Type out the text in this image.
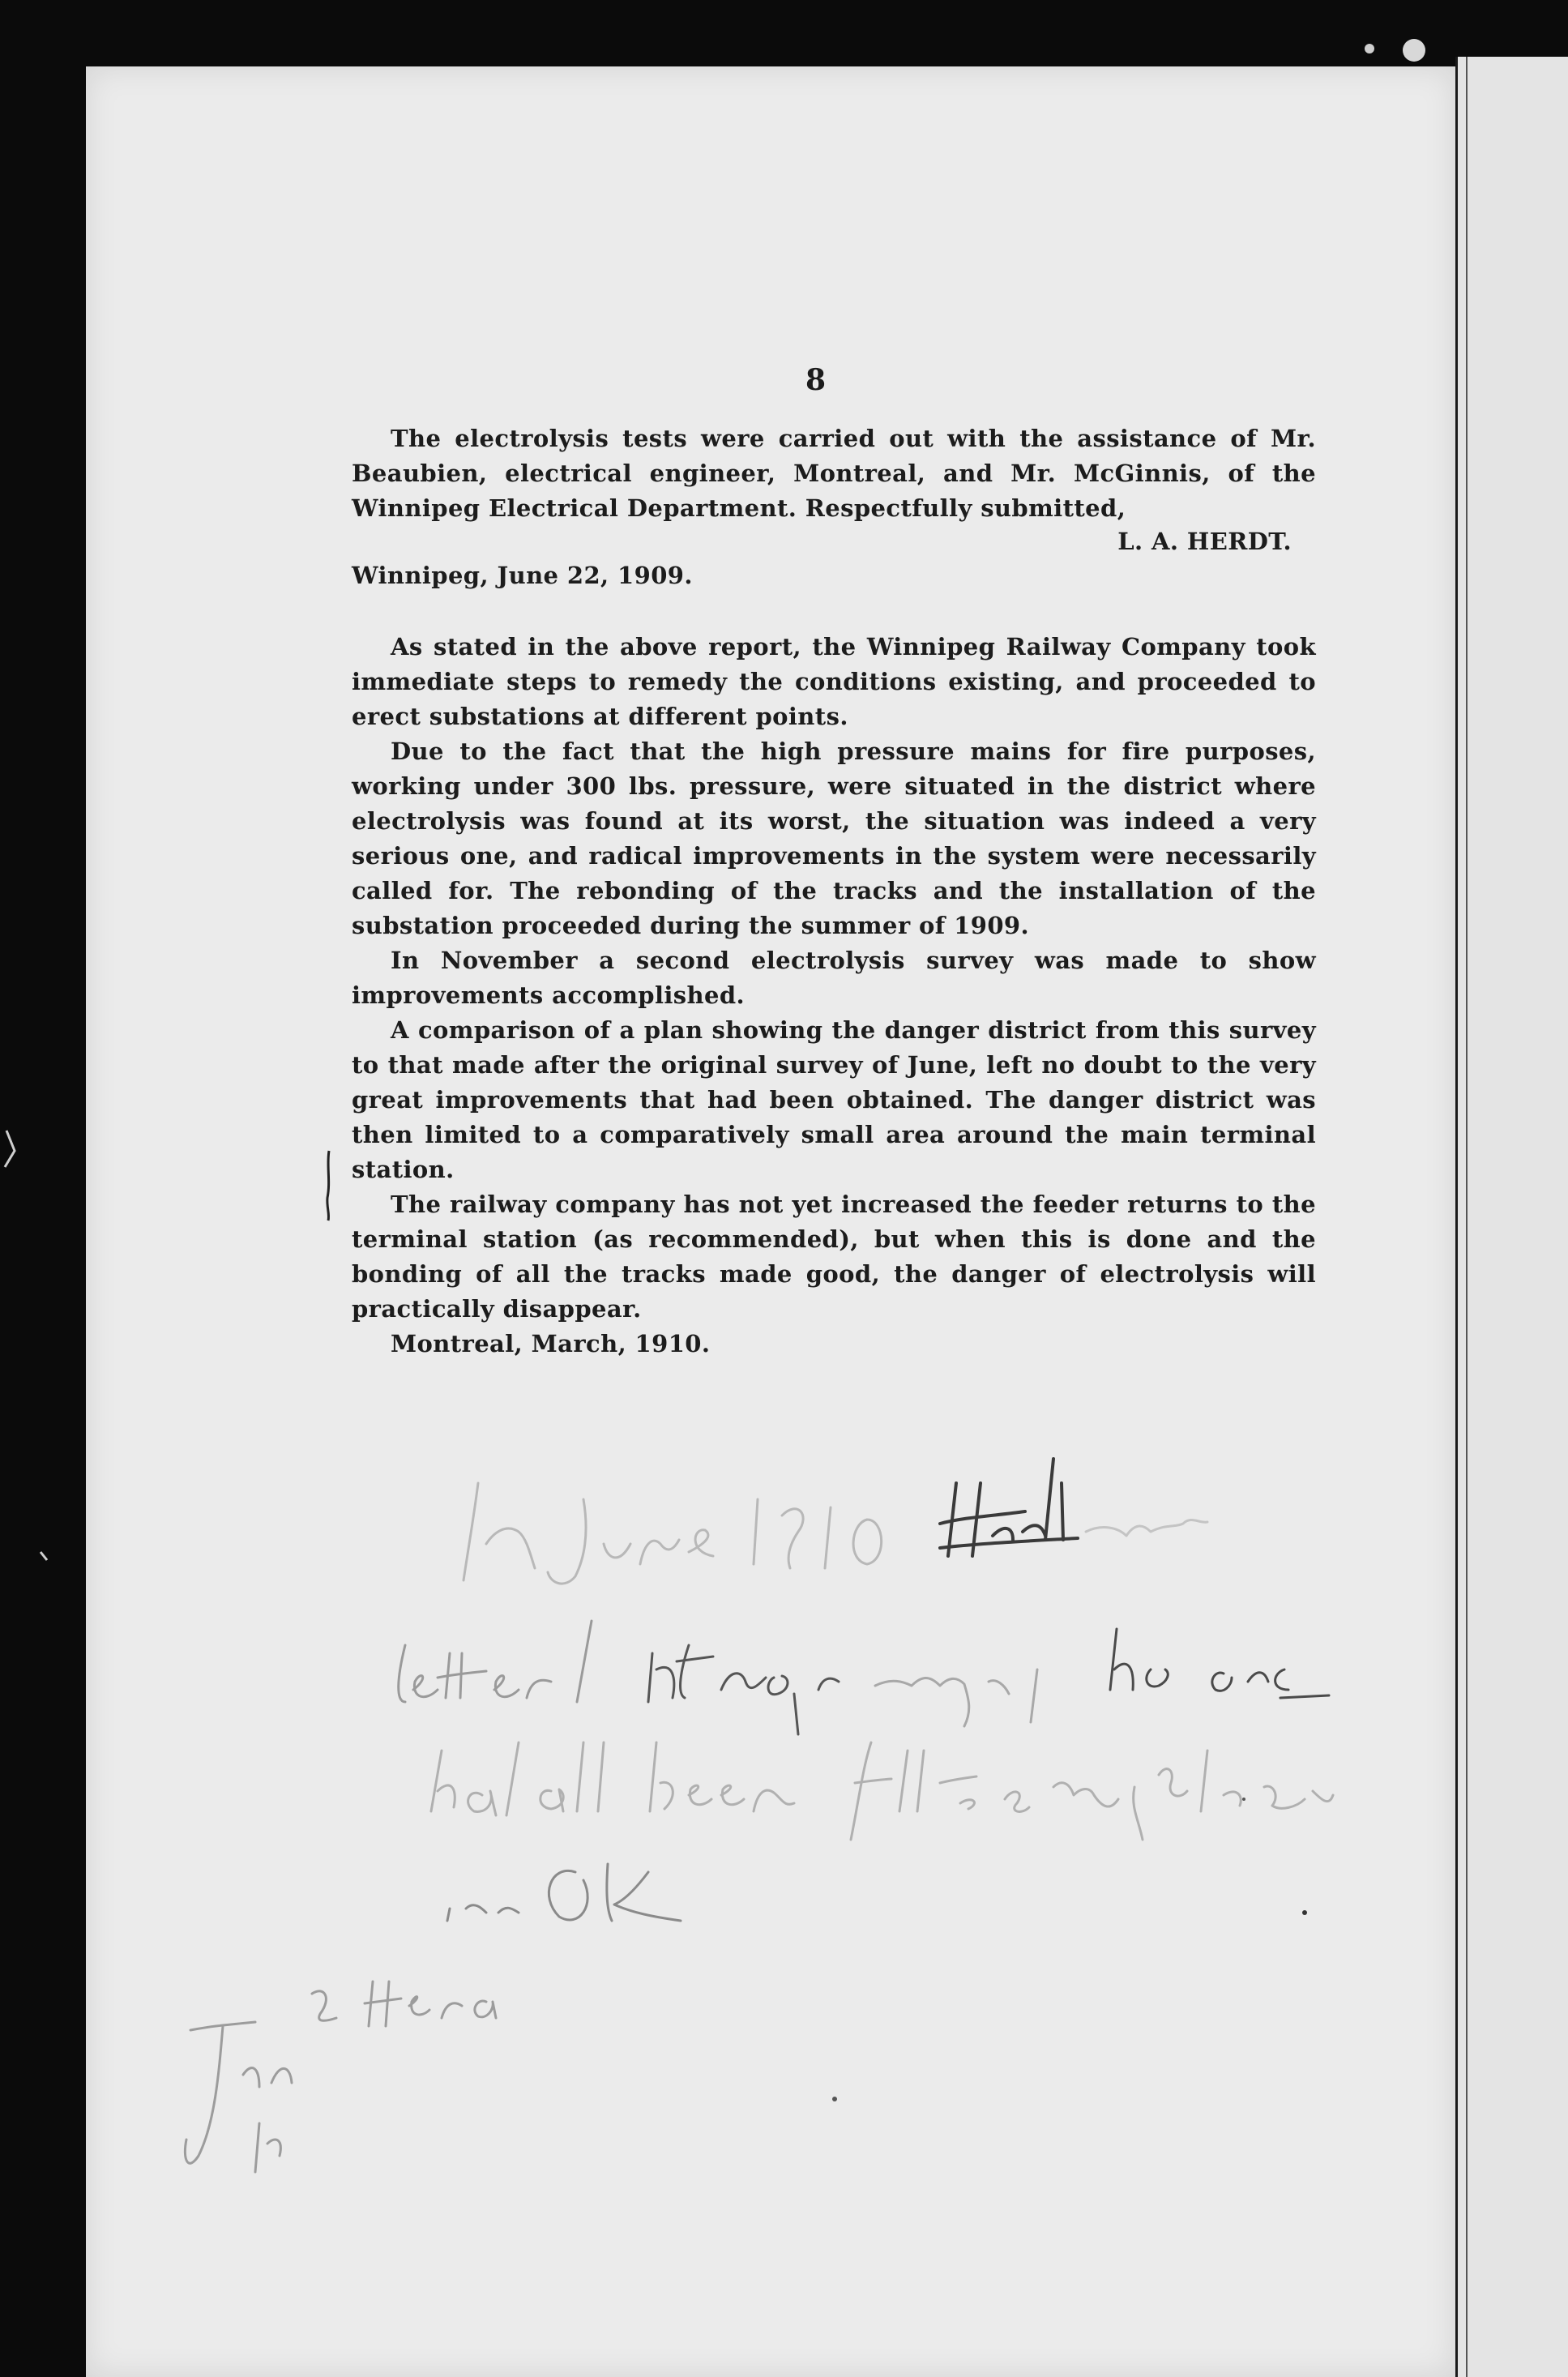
8

The electrolysis tests were carried out with the assistance of Mr. Beaubien, electrical engineer, Montreal, and Mr. McGinnis, of the Winnipeg Electrical Department. Respectfully submitted,

L. A. HERDT.
Winnipeg, June 22, 1909.

As stated in the above report, the Winnipeg Railway Company took immediate steps to remedy the conditions existing, and proceeded to erect substations at different points.

Due to the fact that the high pressure mains for fire purposes, working under 300 lbs. pressure, were situated in the district where electrolysis was found at its worst, the situation was indeed a very serious one, and radical improvements in the system were necessarily called for. The rebonding of the tracks and the installation of the substation proceeded during the summer of 1909.

In November a second electrolysis survey was made to show improvements accomplished.

A comparison of a plan showing the danger district from this survey to that made after the original survey of June, left no doubt to the very great improvements that had been obtained. The danger district was then limited to a comparatively small area around the main terminal station.

The railway company has not yet increased the feeder returns to the terminal station (as recommended), but when this is done and the bonding of all the tracks made good, the danger of electrolysis will practically disappear.

Montreal, March, 1910.
